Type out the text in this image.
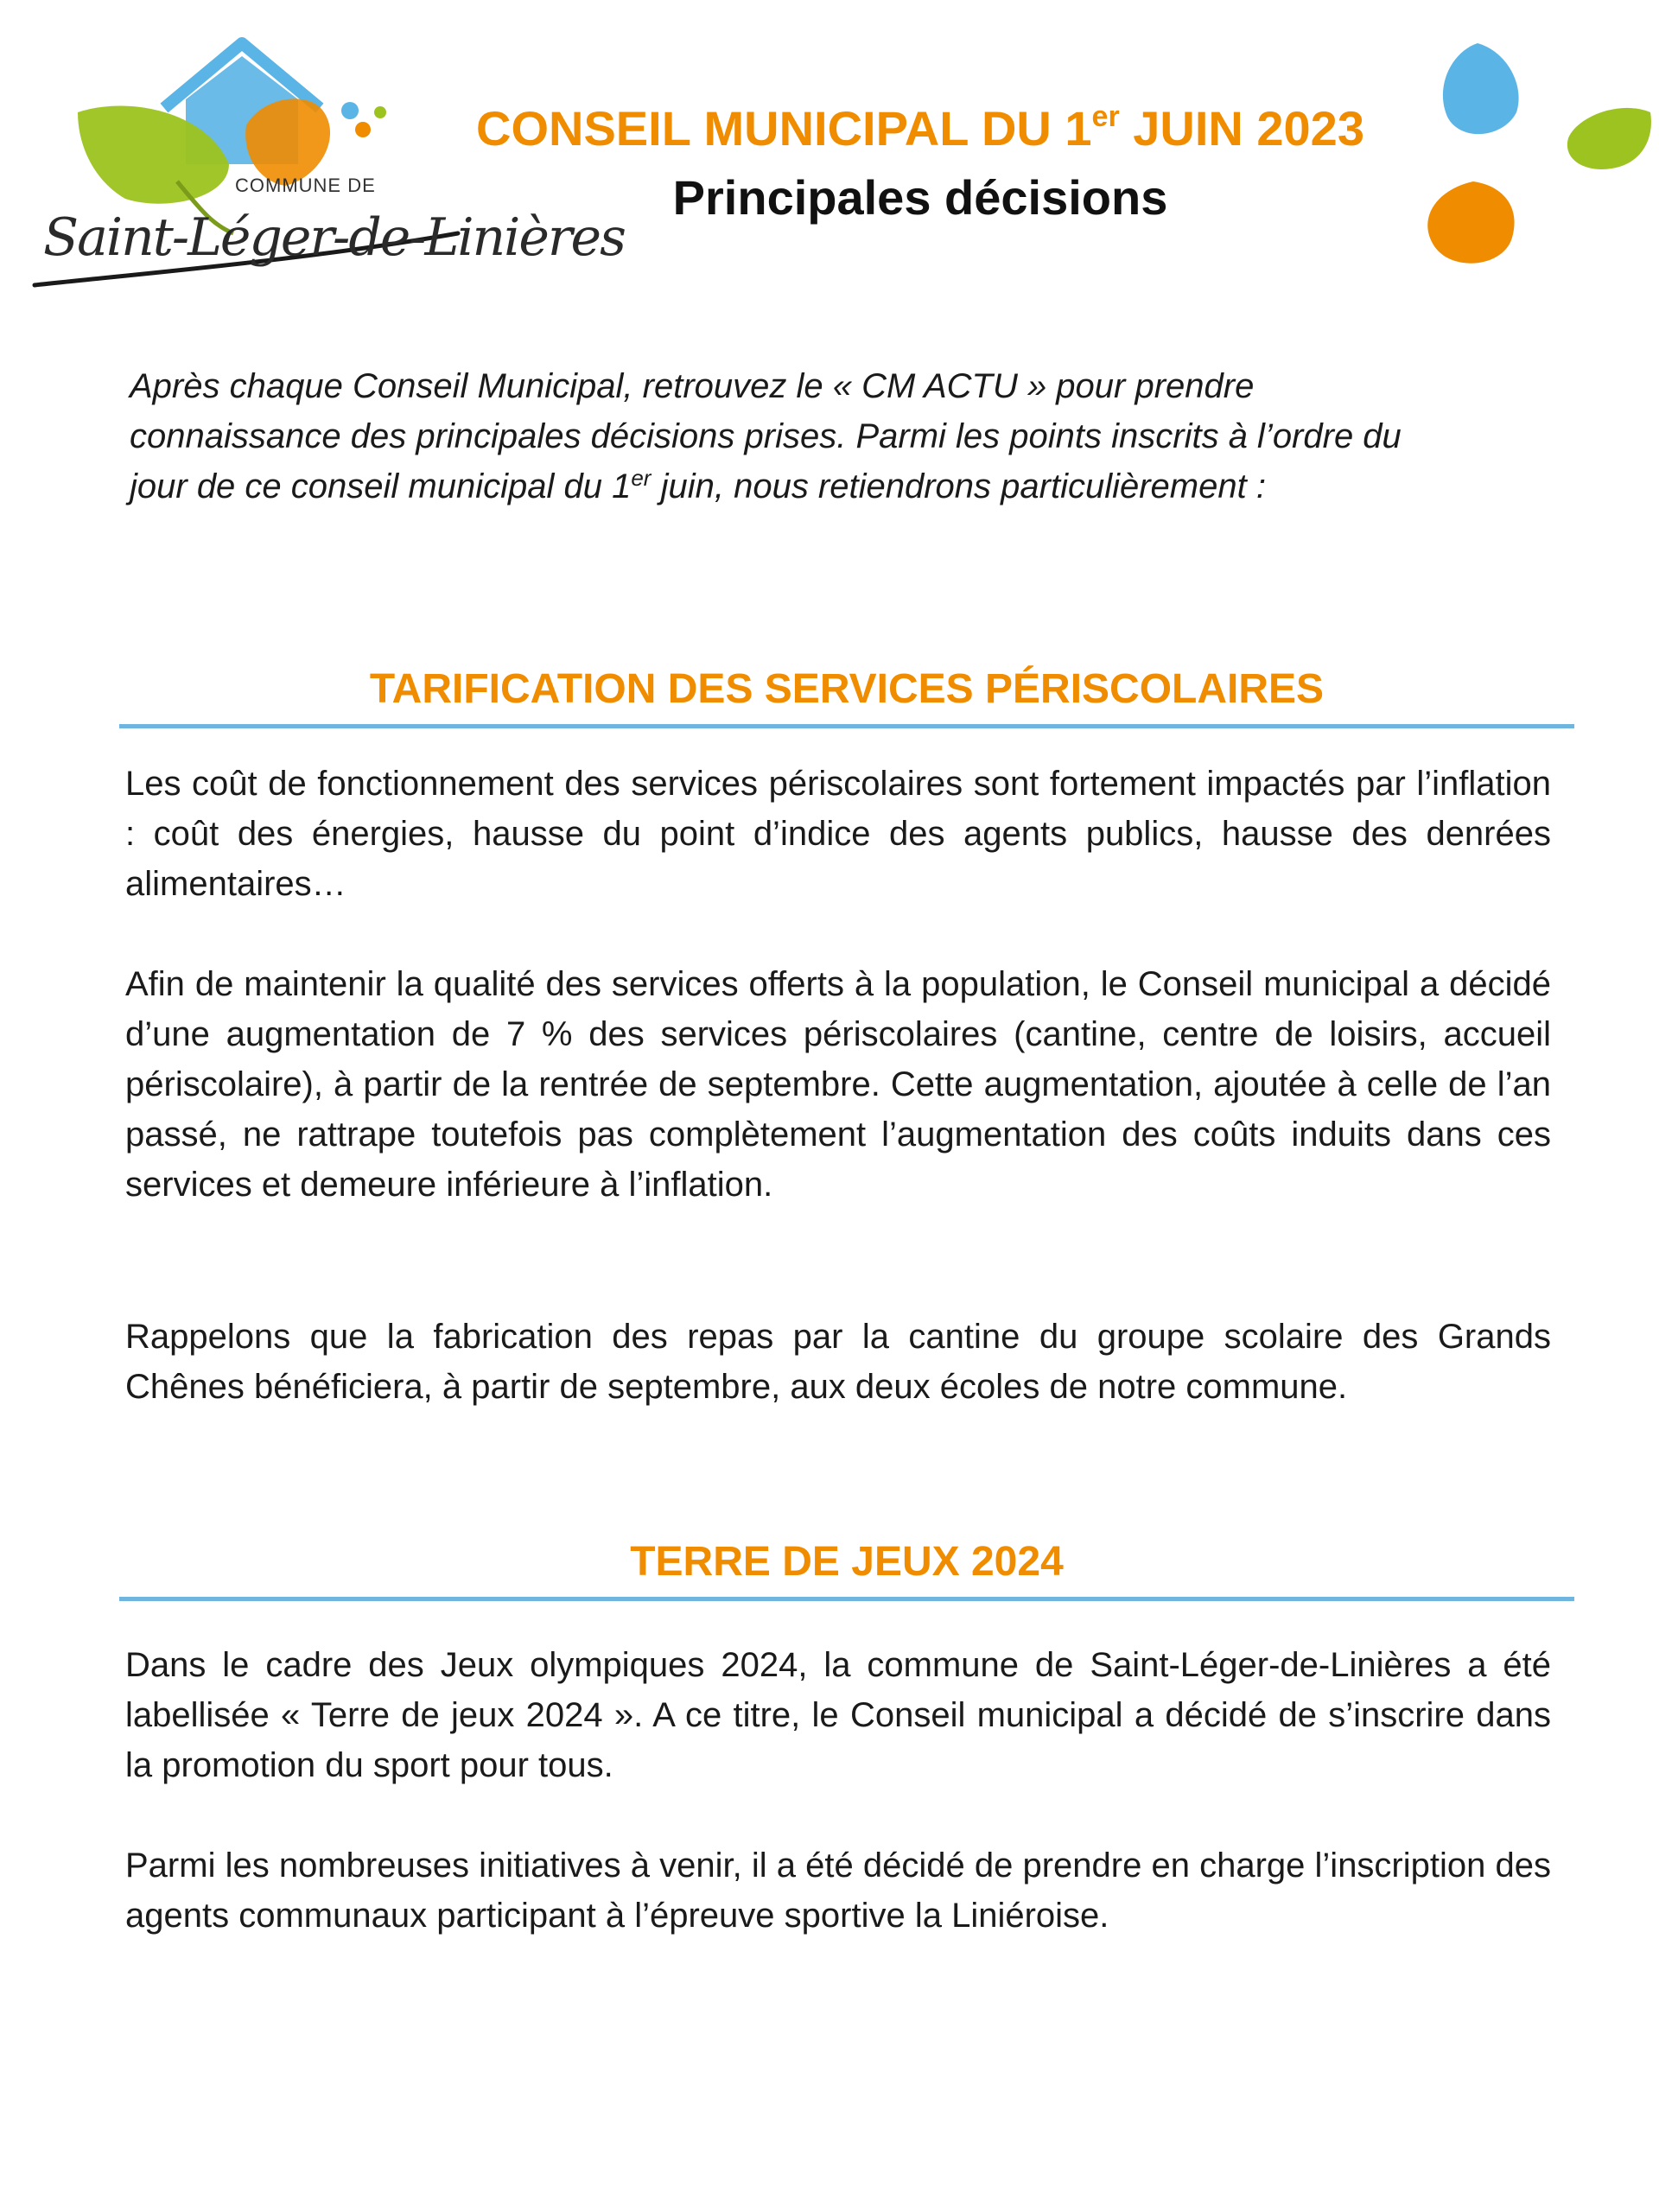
COMMUNE DE
Saint-Léger-de-Linières
CONSEIL MUNICIPAL DU 1er JUIN 2023
Principales décisions
Après chaque Conseil Municipal, retrouvez le « CM ACTU » pour prendre
connaissance des principales décisions prises. Parmi les points inscrits à l’ordre du
jour de ce conseil municipal du 1er juin, nous retiendrons particulièrement :
TARIFICATION DES SERVICES PÉRISCOLAIRES
Les coût de fonctionnement des services périscolaires sont fortement impactés par l’inflation : coût des énergies, hausse du point d’indice des agents publics, hausse des denrées alimentaires…
Afin de maintenir la qualité des services offerts à la population, le Conseil municipal a décidé d’une augmentation de 7 % des services périscolaires (cantine, centre de loisirs, accueil périscolaire), à partir de la rentrée de septembre. Cette augmentation, ajoutée à celle de l’an passé, ne rattrape toutefois pas complètement l’augmentation des coûts induits dans ces services et demeure inférieure à l’inflation.
Rappelons que la fabrication des repas par la cantine du groupe scolaire des Grands Chênes bénéficiera, à partir de septembre, aux deux écoles de notre commune.
TERRE DE JEUX 2024
Dans le cadre des Jeux olympiques 2024, la commune de Saint-Léger-de-Linières a été labellisée « Terre de jeux 2024 ». A ce titre, le Conseil municipal a décidé de s’inscrire dans la promotion du sport pour tous.
Parmi les nombreuses initiatives à venir, il a été décidé de prendre en charge l’inscription des agents communaux participant à l’épreuve sportive la Liniéroise.
